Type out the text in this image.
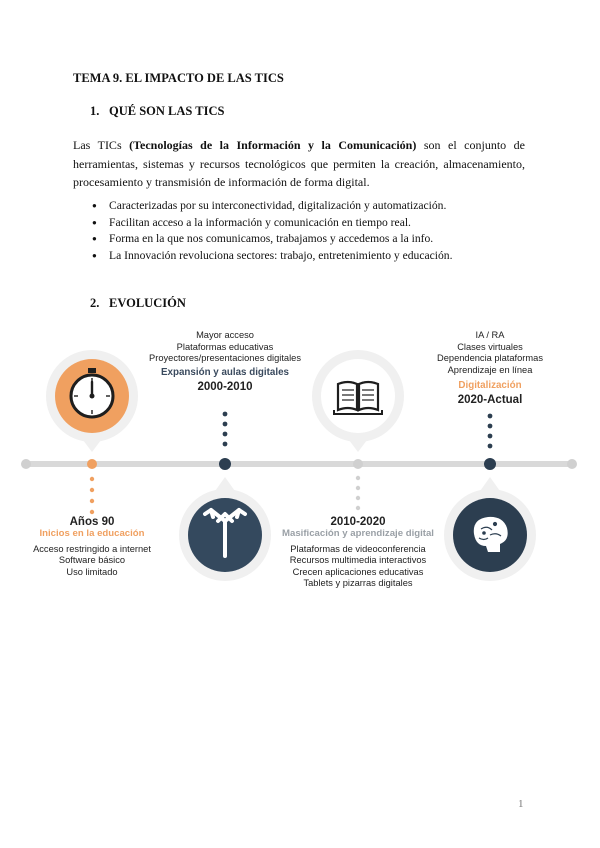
TEMA 9. EL IMPACTO DE LAS TICS
1. QUÉ SON LAS TICS
Las TICs (Tecnologías de la Información y la Comunicación) son el conjunto de herramientas, sistemas y recursos tecnológicos que permiten la creación, almacenamiento, procesamiento y transmisión de información de forma digital.
● Caracterizadas por su interconectividad, digitalización y automatización.
● Facilitan acceso a la información y comunicación en tiempo real.
● Forma en la que nos comunicamos, trabajamos y accedemos a la info.
● La Innovación revoluciona sectores: trabajo, entretenimiento y educación.
2. EVOLUCIÓN
Años 90
Inicios en la educación
Acceso restringido a internet
Software básico
Uso limitado
Mayor acceso
Plataformas educativas
Proyectores/presentaciones digitales
Expansión y aulas digitales
2000-2010
2010-2020
Masificación y aprendizaje digital
Plataformas de videoconferencia
Recursos multimedia interactivos
Crecen aplicaciones educativas
Tablets y pizarras digitales
IA / RA
Clases virtuales
Dependencia plataformas
Aprendizaje en línea
Digitalización
2020-Actual
1
